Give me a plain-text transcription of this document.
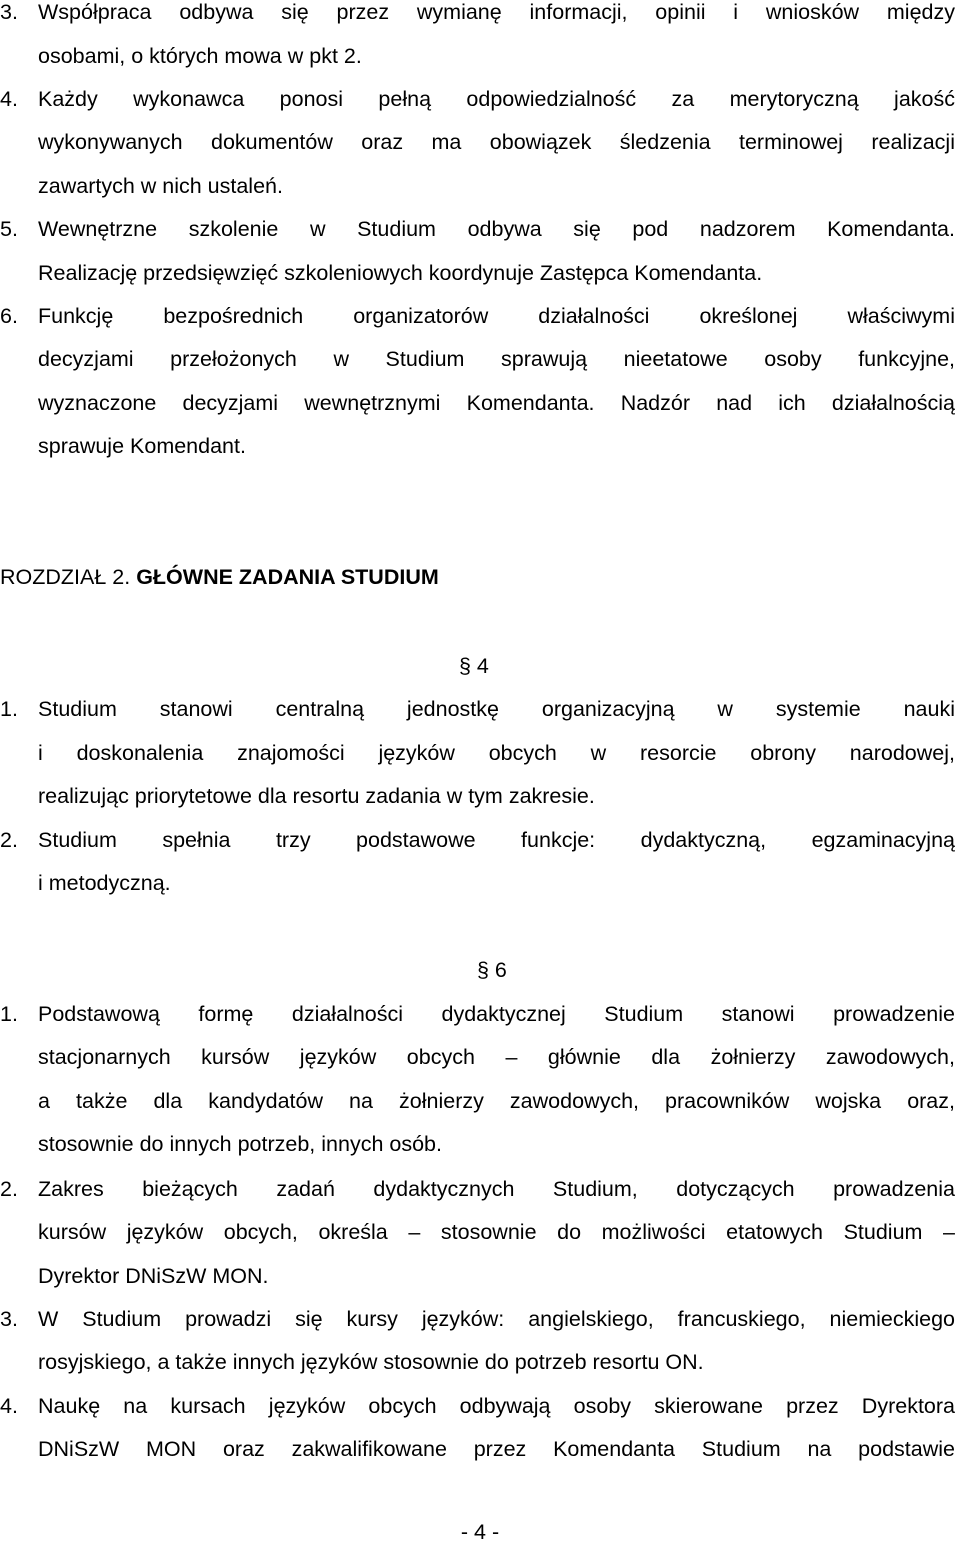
3. Współpraca odbywa się przez wymianę informacji, opinii i wniosków między
osobami, o których mowa w pkt 2.
4. Każdy wykonawca ponosi pełną odpowiedzialność za merytoryczną jakość
wykonywanych dokumentów oraz ma obowiązek śledzenia terminowej realizacji
zawartych w nich ustaleń.
5. Wewnętrzne szkolenie w Studium odbywa się pod nadzorem Komendanta.
Realizację przedsięwzięć szkoleniowych koordynuje Zastępca Komendanta.
6. Funkcję bezpośrednich organizatorów działalności określonej właściwymi
decyzjami przełożonych w Studium sprawują nieetatowe osoby funkcyjne,
wyznaczone decyzjami wewnętrznymi Komendanta. Nadzór nad ich działalnością
sprawuje Komendant.
ROZDZIAŁ 2. GŁÓWNE ZADANIA STUDIUM
§ 4
1. Studium stanowi centralną jednostkę organizacyjną w systemie nauki
i doskonalenia znajomości języków obcych w resorcie obrony narodowej,
realizując priorytetowe dla resortu zadania w tym zakresie.
2. Studium spełnia trzy podstawowe funkcje: dydaktyczną, egzaminacyjną
i metodyczną.
§ 6
1. Podstawową formę działalności dydaktycznej Studium stanowi prowadzenie
stacjonarnych kursów języków obcych – głównie dla żołnierzy zawodowych,
a także dla kandydatów na żołnierzy zawodowych, pracowników wojska oraz,
stosownie do innych potrzeb, innych osób.
2. Zakres bieżących zadań dydaktycznych Studium, dotyczących prowadzenia
kursów języków obcych, określa – stosownie do możliwości etatowych Studium –
Dyrektor DNiSzW MON.
3. W Studium prowadzi się kursy języków: angielskiego, francuskiego, niemieckiego
rosyjskiego, a także innych języków stosownie do potrzeb resortu ON.
4. Naukę na kursach języków obcych odbywają osoby skierowane przez Dyrektora
DNiSzW MON oraz zakwalifikowane przez Komendanta Studium na podstawie
- 4 -
